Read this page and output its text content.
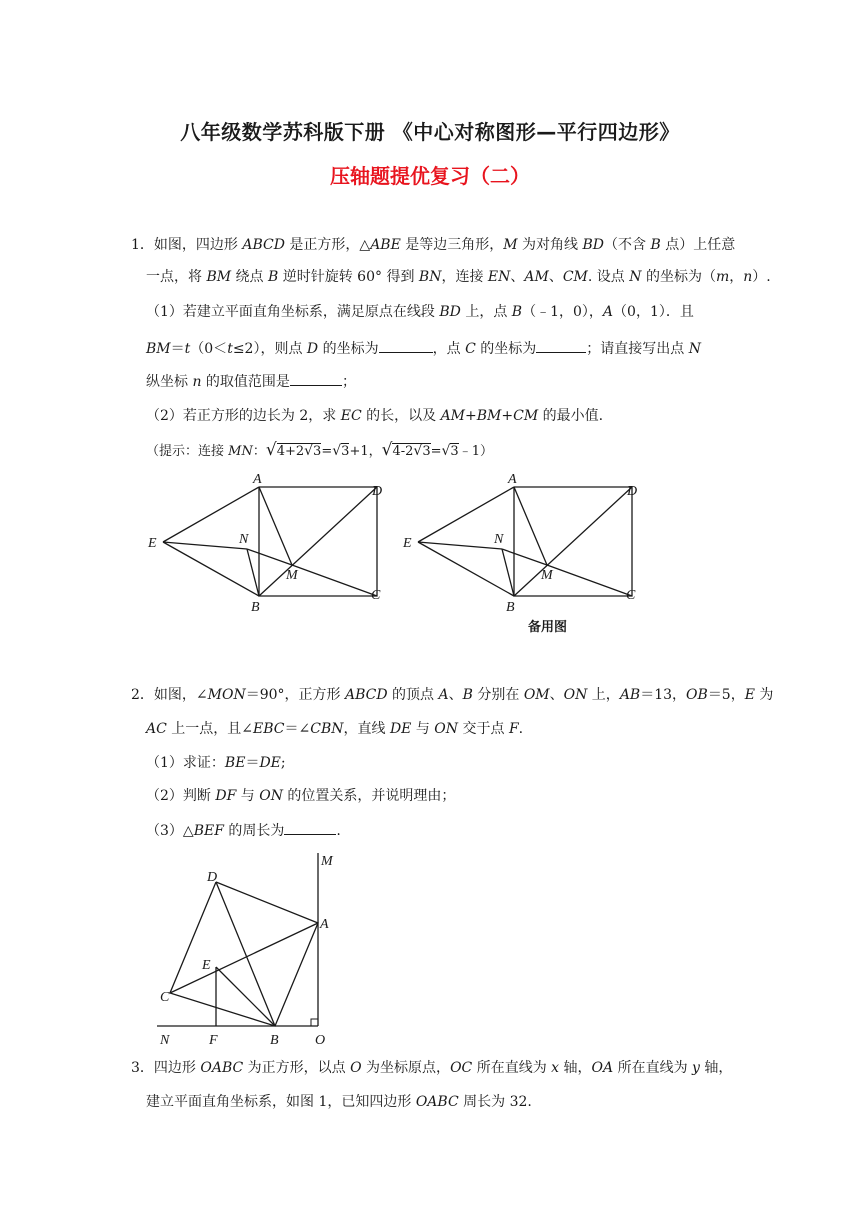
八年级数学苏科版下册 《中心对称图形—平行四边形》
压轴题提优复习（二）
1．如图，四边形 ABCD 是正方形，△ABE 是等边三角形，M 为对角线 BD（不含 B 点）上任意
一点，将 BM 绕点 B 逆时针旋转 60° 得到 BN，连接 EN、AM、CM. 设点 N 的坐标为（m，n）.
（1）若建立平面直角坐标系，满足原点在线段 BD 上，点 B（﹣1，0），A（0，1）．且
BM＝t（0＜t≤2），则点 D 的坐标为	，点 C 的坐标为	；请直接写出点 N
纵坐标 n 的取值范围是	；
（2）若正方形的边长为 2，求 EC 的长，以及 AM+BM+CM 的最小值.
（提示：连接 MN：√4+2√3=√3+1，√4-2√3=√3﹣1）
A
D
E	N
M
B
C
A
D
E	N
M
B
C
备用图
2．如图，∠MON＝90°，正方形 ABCD 的顶点 A、B 分别在 OM、ON 上，AB＝13，OB＝5，E 为
AC 上一点，且∠EBC＝∠CBN，直线 DE 与 ON 交于点 F.
（1）求证：BE＝DE;
（2）判断 DF 与 ON 的位置关系，并说明理由；
（3）△BEF 的周长为	.
M
D
A
E
C
N	F	B	O
3．四边形 OABC 为正方形，以点 O 为坐标原点，OC 所在直线为 x 轴，OA 所在直线为 y 轴，
建立平面直角坐标系，如图 1，已知四边形 OABC 周长为 32.
